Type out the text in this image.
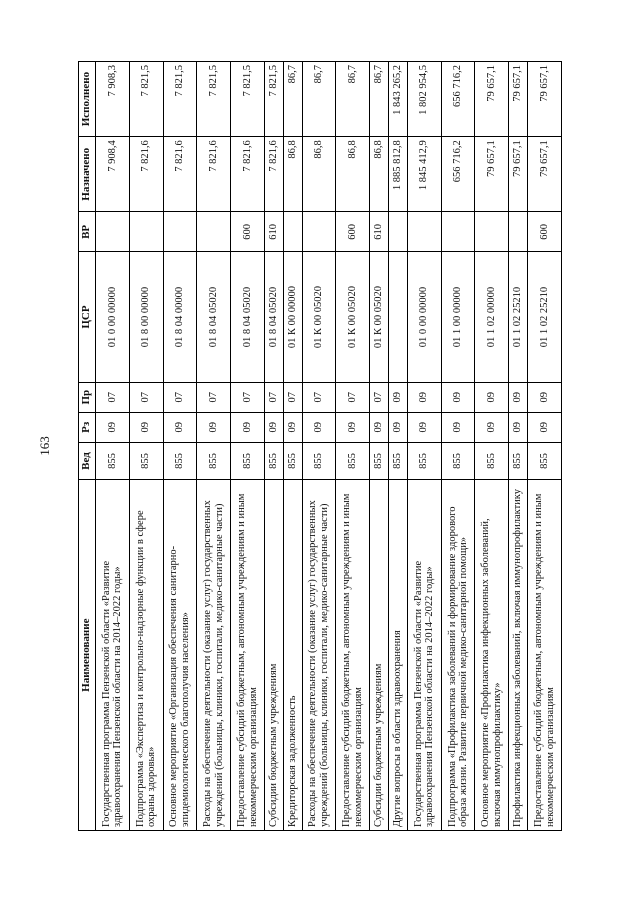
163
Наименование	Вед	Рз	Пр	ЦСР	ВР	Назначено	Исполнено
Государственная программа Пензенской области «Развитие здравоохранения Пензенской области на 2014–2022 годы»	855	09	07	01 0 00 00000		7 908,4	7 908,3
Подпрограмма «Экспертиза и контрольно-надзорные функции в сфере охраны здоровья»	855	09	07	01 8 00 00000		7 821,6	7 821,5
Основное мероприятие «Организация обеспечения санитарно-эпидемиологического благополучия населения»	855	09	07	01 8 04 00000		7 821,6	7 821,5
Расходы на обеспечение деятельности (оказание услуг) государственных учреждений (больницы, клиники, госпитали, медико-санитарные части)	855	09	07	01 8 04 05020		7 821,6	7 821,5
Предоставление субсидий бюджетным, автономным учреждениям и иным некоммерческим организациям	855	09	07	01 8 04 05020	600	7 821,6	7 821,5
Субсидии бюджетным учреждениям	855	09	07	01 8 04 05020	610	7 821,6	7 821,5
Кредиторская задолженность	855	09	07	01 К 00 00000		86,8	86,7
Расходы на обеспечение деятельности (оказание услуг) государственных учреждений (больницы, клиники, госпитали, медико-санитарные части)	855	09	07	01 К 00 05020		86,8	86,7
Предоставление субсидий бюджетным, автономным учреждениям и иным некоммерческим организациям	855	09	07	01 К 00 05020	600	86,8	86,7
Субсидии бюджетным учреждениям	855	09	07	01 К 00 05020	610	86,8	86,7
Другие вопросы в области здравоохранения	855	09	09			1 885 812,8	1 843 265,2
Государственная программа Пензенской области «Развитие здравоохранения Пензенской области на 2014–2022 годы»	855	09	09	01 0 00 00000		1 845 412,9	1 802 954,5
Подпрограмма «Профилактика заболеваний и формирование здорового образа жизни. Развитие первичной медико-санитарной помощи»	855	09	09	01 1 00 00000		656 716,2	656 716,2
Основное мероприятие «Профилактика инфекционных заболеваний, включая иммунопрофилактику»	855	09	09	01 1 02 00000		79 657,1	79 657,1
Профилактика инфекционных заболеваний, включая иммунопрофилактику	855	09	09	01 1 02 25210		79 657,1	79 657,1
Предоставление субсидий бюджетным, автономным учреждениям и иным некоммерческим организациям	855	09	09	01 1 02 25210	600	79 657,1	79 657,1
